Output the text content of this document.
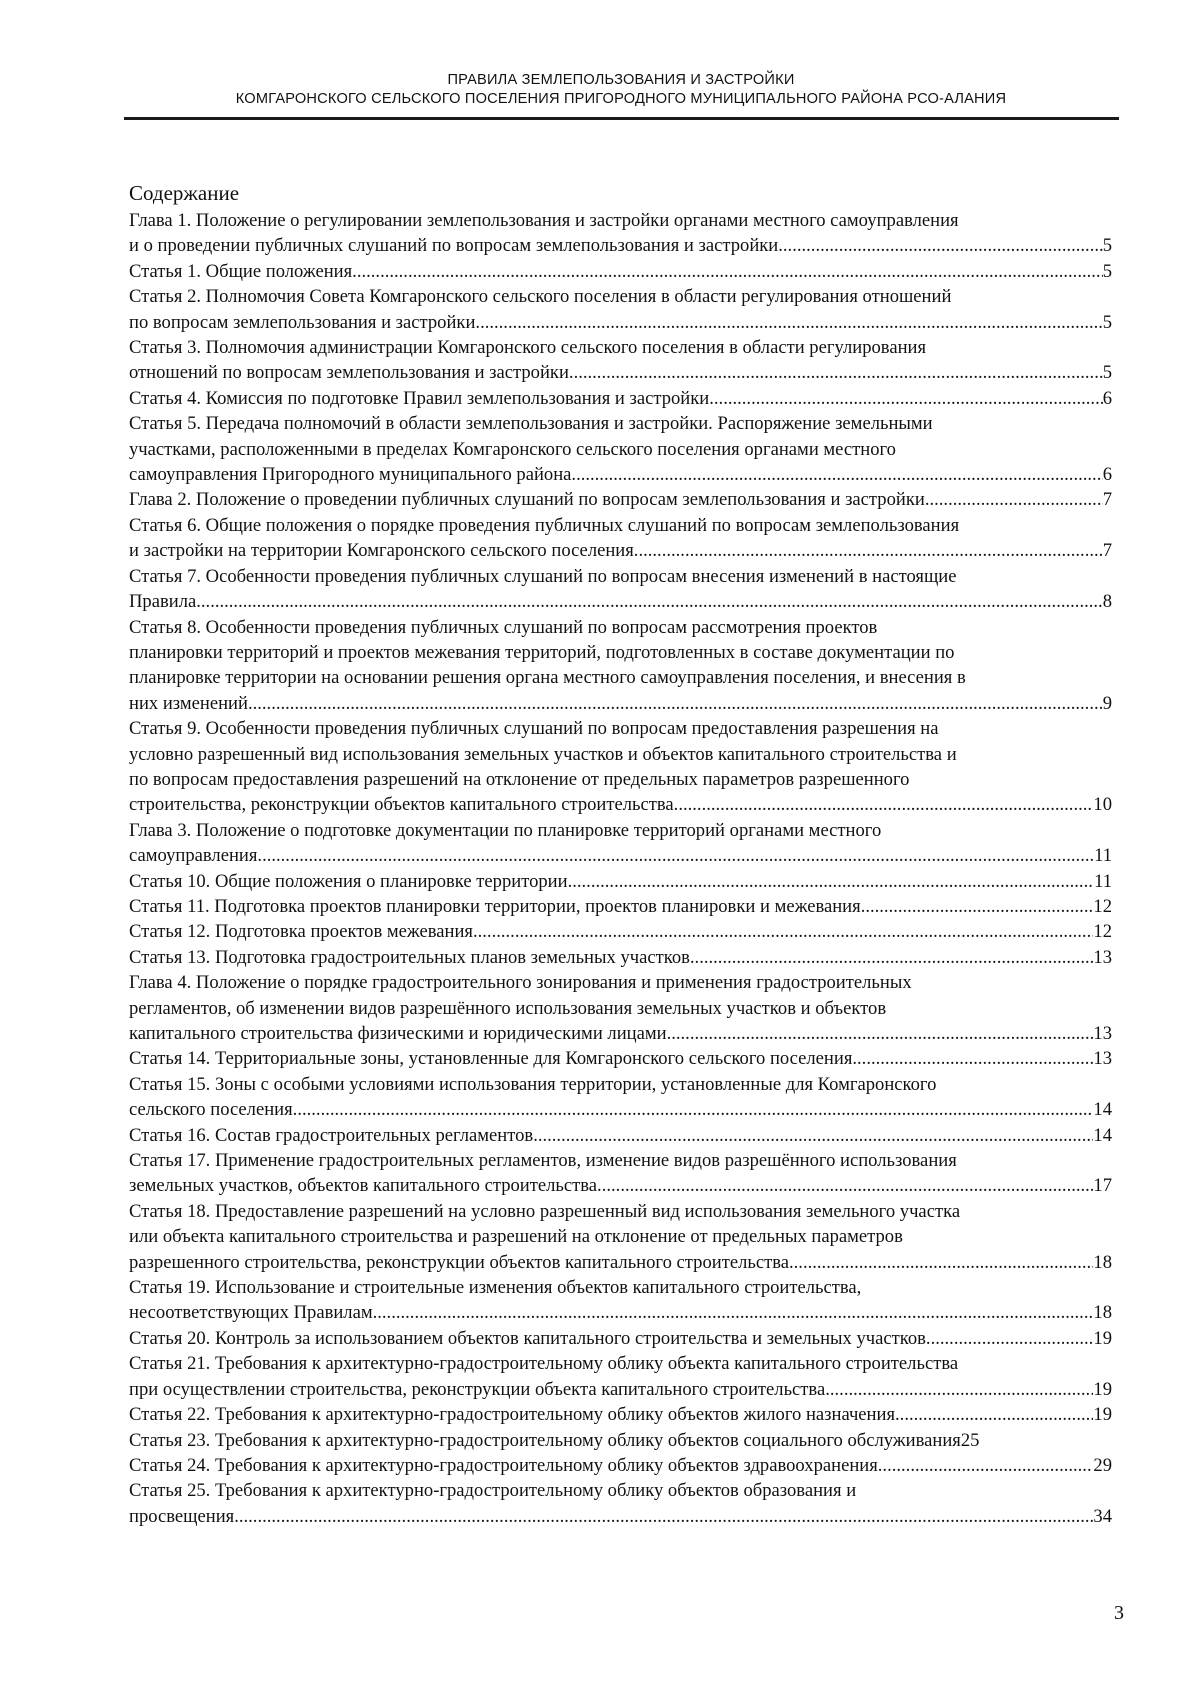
ПРАВИЛА ЗЕМЛЕПОЛЬЗОВАНИЯ И ЗАСТРОЙКИ
КОМГАРОНСКОГО СЕЛЬСКОГО ПОСЕЛЕНИЯ ПРИГОРОДНОГО МУНИЦИПАЛЬНОГО РАЙОНА РСО-АЛАНИЯ
Содержание
Глава 1. Положение о регулировании землепользования и застройки органами местного самоуправления
и о проведении публичных слушаний по вопросам землепользования и застройки. .....	5
Статья 1. Общие положения .....	5
Статья 2. Полномочия Совета Комгаронского сельского поселения в области регулирования отношений
по вопросам землепользования и застройки. .....	5
Статья 3. Полномочия администрации Комгаронского сельского поселения в области регулирования
отношений по вопросам землепользования и застройки. .....	5
Статья 4. Комиссия по подготовке Правил землепользования и застройки. .....	6
Статья 5. Передача полномочий в области землепользования и застройки. Распоряжение земельными
участками, расположенными в пределах Комгаронского сельского поселения органами местного
самоуправления Пригородного муниципального района. .....	6
Глава 2. Положение о проведении публичных слушаний по вопросам землепользования и застройки. .....	7
Статья 6. Общие положения о порядке проведения публичных слушаний по вопросам землепользования
и застройки на территории Комгаронского сельского поселения. .....	7
Статья 7. Особенности проведения публичных слушаний по вопросам внесения изменений в настоящие
Правила. .....	8
Статья 8. Особенности проведения публичных слушаний по вопросам рассмотрения проектов
планировки территорий и проектов межевания территорий, подготовленных в составе документации по
планировке территории на основании решения органа местного самоуправления поселения, и внесения в
них изменений. .....	9
Статья 9. Особенности проведения публичных слушаний по вопросам предоставления разрешения на
условно разрешенный вид использования земельных участков и объектов капитального строительства и
по вопросам предоставления разрешений на отклонение от предельных параметров разрешенного
строительства, реконструкции объектов капитального строительства. .....	10
Глава 3. Положение о подготовке документации по планировке территорий органами местного
самоуправления. .....	11
Статья 10. Общие положения о планировке территории. .....	11
Статья 11. Подготовка проектов планировки территории, проектов планировки и межевания .....	12
Статья 12. Подготовка проектов межевания .....	12
Статья 13. Подготовка градостроительных планов земельных участков. .....	13
Глава 4. Положение о порядке градостроительного зонирования и применения градостроительных
регламентов, об изменении видов разрешённого использования земельных участков и объектов
капитального строительства физическими и юридическими лицами .....	13
Статья 14. Территориальные зоны, установленные для Комгаронского сельского поселения .....	13
Статья 15. Зоны с особыми условиями использования территории, установленные для Комгаронского
сельского поселения .....	14
Статья 16. Состав градостроительных регламентов .....	14
Статья 17. Применение градостроительных регламентов, изменение видов разрешённого использования
земельных участков, объектов капитального строительства. .....	17
Статья 18. Предоставление разрешений на условно разрешенный вид использования земельного участка
или объекта капитального строительства и разрешений на отклонение от предельных параметров
разрешенного строительства, реконструкции объектов капитального строительства. .....	18
Статья 19. Использование и строительные изменения объектов капитального строительства,
несоответствующих Правилам. .....	18
Статья 20. Контроль за использованием объектов капитального строительства и земельных участков .....	19
Статья 21. Требования к архитектурно-градостроительному облику объекта капитального строительства
при осуществлении строительства, реконструкции объекта капитального строительства. .....	19
Статья 22. Требования к архитектурно-градостроительному облику объектов жилого назначения. .....	19
Статья 23. Требования к архитектурно-градостроительному облику объектов социального обслуживания 25
Статья 24. Требования к архитектурно-градостроительному облику объектов здравоохранения. .....	29
Статья 25. Требования к архитектурно-градостроительному облику объектов образования и
просвещения. .....	34
3
